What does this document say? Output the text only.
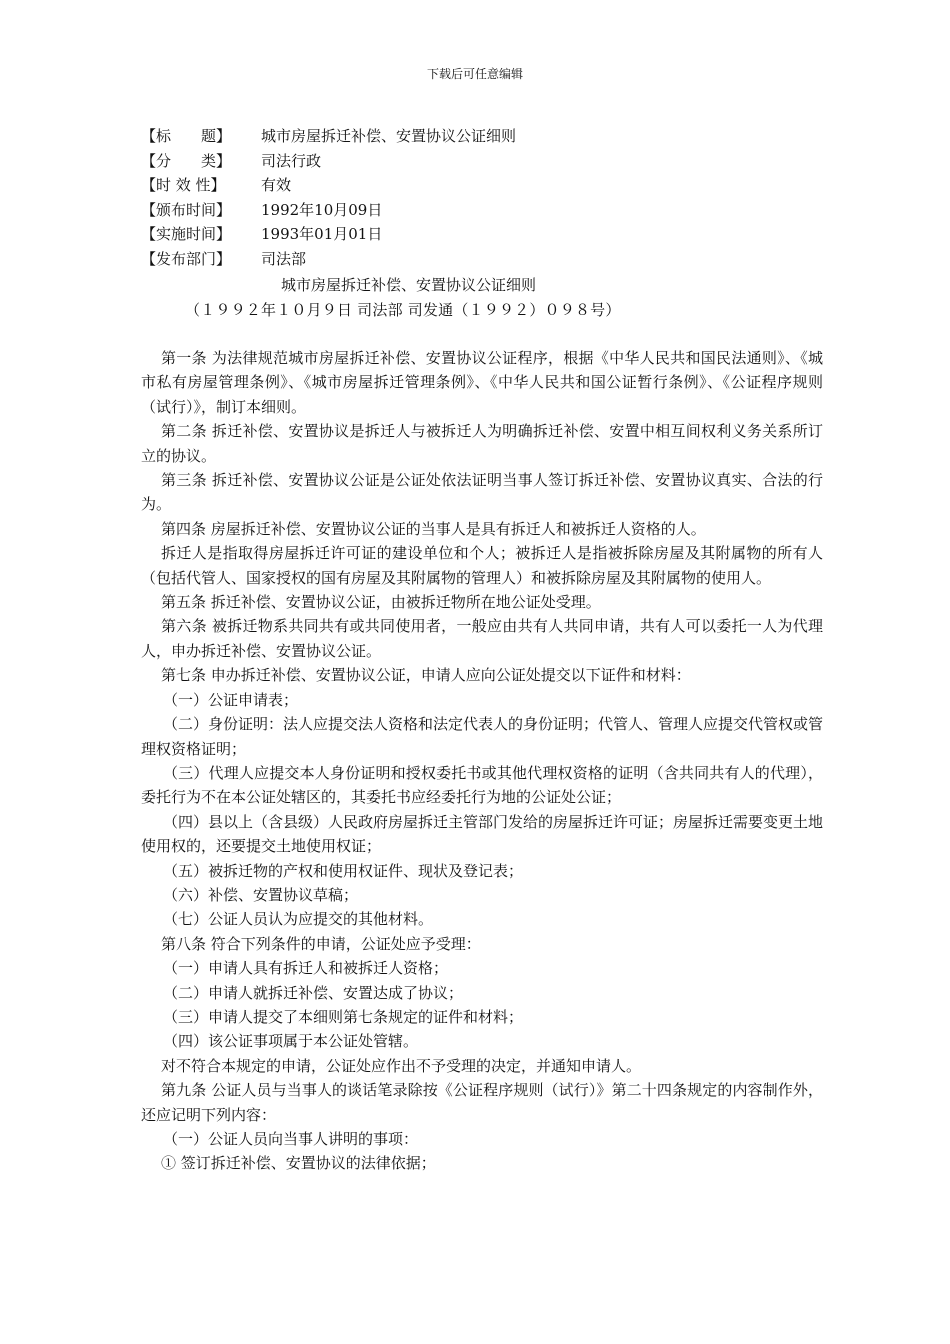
下载后可任意编辑
【标　　题】 城市房屋拆迁补偿、安置协议公证细则
【分　　类】 司法行政
【时 效 性】 有效
【颁布时间】 1992年10月09日
【实施时间】 1993年01月01日
【发布部门】 司法部
城市房屋拆迁补偿、安置协议公证细则
（１９９２年１０月９日 司法部 司发通（１９９２）０９８号）

第一条 为法律规范城市房屋拆迁补偿、安置协议公证程序，根据《中华人民共和国民法通则》、《城市私有房屋管理条例》、《城市房屋拆迁管理条例》、《中华人民共和国公证暂行条例》、《公证程序规则（试行）》，制订本细则。

第二条 拆迁补偿、安置协议是拆迁人与被拆迁人为明确拆迁补偿、安置中相互间权利义务关系所订立的协议。

第三条 拆迁补偿、安置协议公证是公证处依法证明当事人签订拆迁补偿、安置协议真实、合法的行为。

第四条 房屋拆迁补偿、安置协议公证的当事人是具有拆迁人和被拆迁人资格的人。

拆迁人是指取得房屋拆迁许可证的建设单位和个人；被拆迁人是指被拆除房屋及其附属物的所有人（包括代管人、国家授权的国有房屋及其附属物的管理人）和被拆除房屋及其附属物的使用人。

第五条 拆迁补偿、安置协议公证，由被拆迁物所在地公证处受理。

第六条 被拆迁物系共同共有或共同使用者，一般应由共有人共同申请，共有人可以委托一人为代理人，申办拆迁补偿、安置协议公证。

第七条 申办拆迁补偿、安置协议公证，申请人应向公证处提交以下证件和材料：

（一）公证申请表；

（二）身份证明：法人应提交法人资格和法定代表人的身份证明；代管人、管理人应提交代管权或管理权资格证明；

（三）代理人应提交本人身份证明和授权委托书或其他代理权资格的证明（含共同共有人的代理），委托行为不在本公证处辖区的，其委托书应经委托行为地的公证处公证；

（四）县以上（含县级）人民政府房屋拆迁主管部门发给的房屋拆迁许可证；房屋拆迁需要变更土地使用权的，还要提交土地使用权证；

（五）被拆迁物的产权和使用权证件、现状及登记表；

（六）补偿、安置协议草稿；

（七）公证人员认为应提交的其他材料。

第八条 符合下列条件的申请，公证处应予受理：

（一）申请人具有拆迁人和被拆迁人资格；

（二）申请人就拆迁补偿、安置达成了协议；

（三）申请人提交了本细则第七条规定的证件和材料；

（四）该公证事项属于本公证处管辖。

对不符合本规定的申请，公证处应作出不予受理的决定，并通知申请人。

第九条 公证人员与当事人的谈话笔录除按《公证程序规则（试行）》第二十四条规定的内容制作外，还应记明下列内容：

（一）公证人员向当事人讲明的事项：

① 签订拆迁补偿、安置协议的法律依据；
